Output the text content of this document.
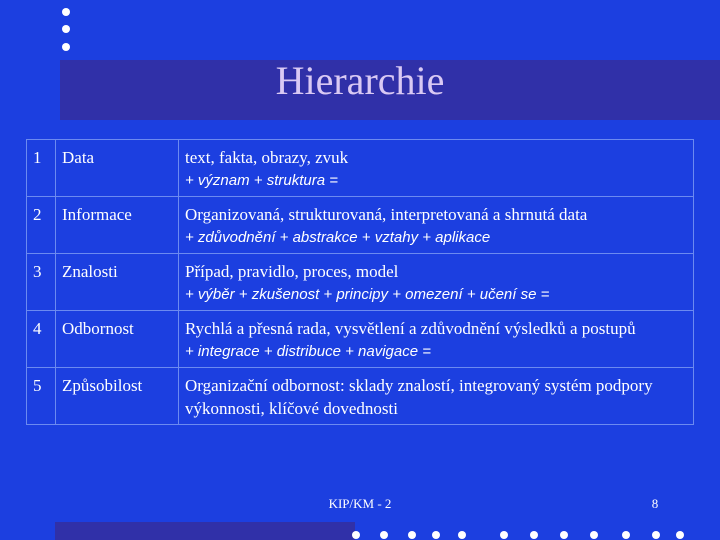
Hierarchie
1	Data	text, fakta, obrazy, zvuk
+ význam + struktura =

2	Informace	Organizovaná, strukturovaná, interpretovaná a shrnutá data
+ zdůvodnění + abstrakce + vztahy + aplikace

3	Znalosti	Případ, pravidlo, proces, model
+ výběr + zkušenost + principy + omezení + učení se =

4	Odbornost	Rychlá a přesná rada, vysvětlení a zdůvodnění výsledků a postupů
+ integrace + distribuce + navigace =

5	Způsobilost	Organizační odbornost: sklady znalostí, integrovaný systém podpory výkonnosti, klíčové dovednosti
KIP/KM - 2	8
